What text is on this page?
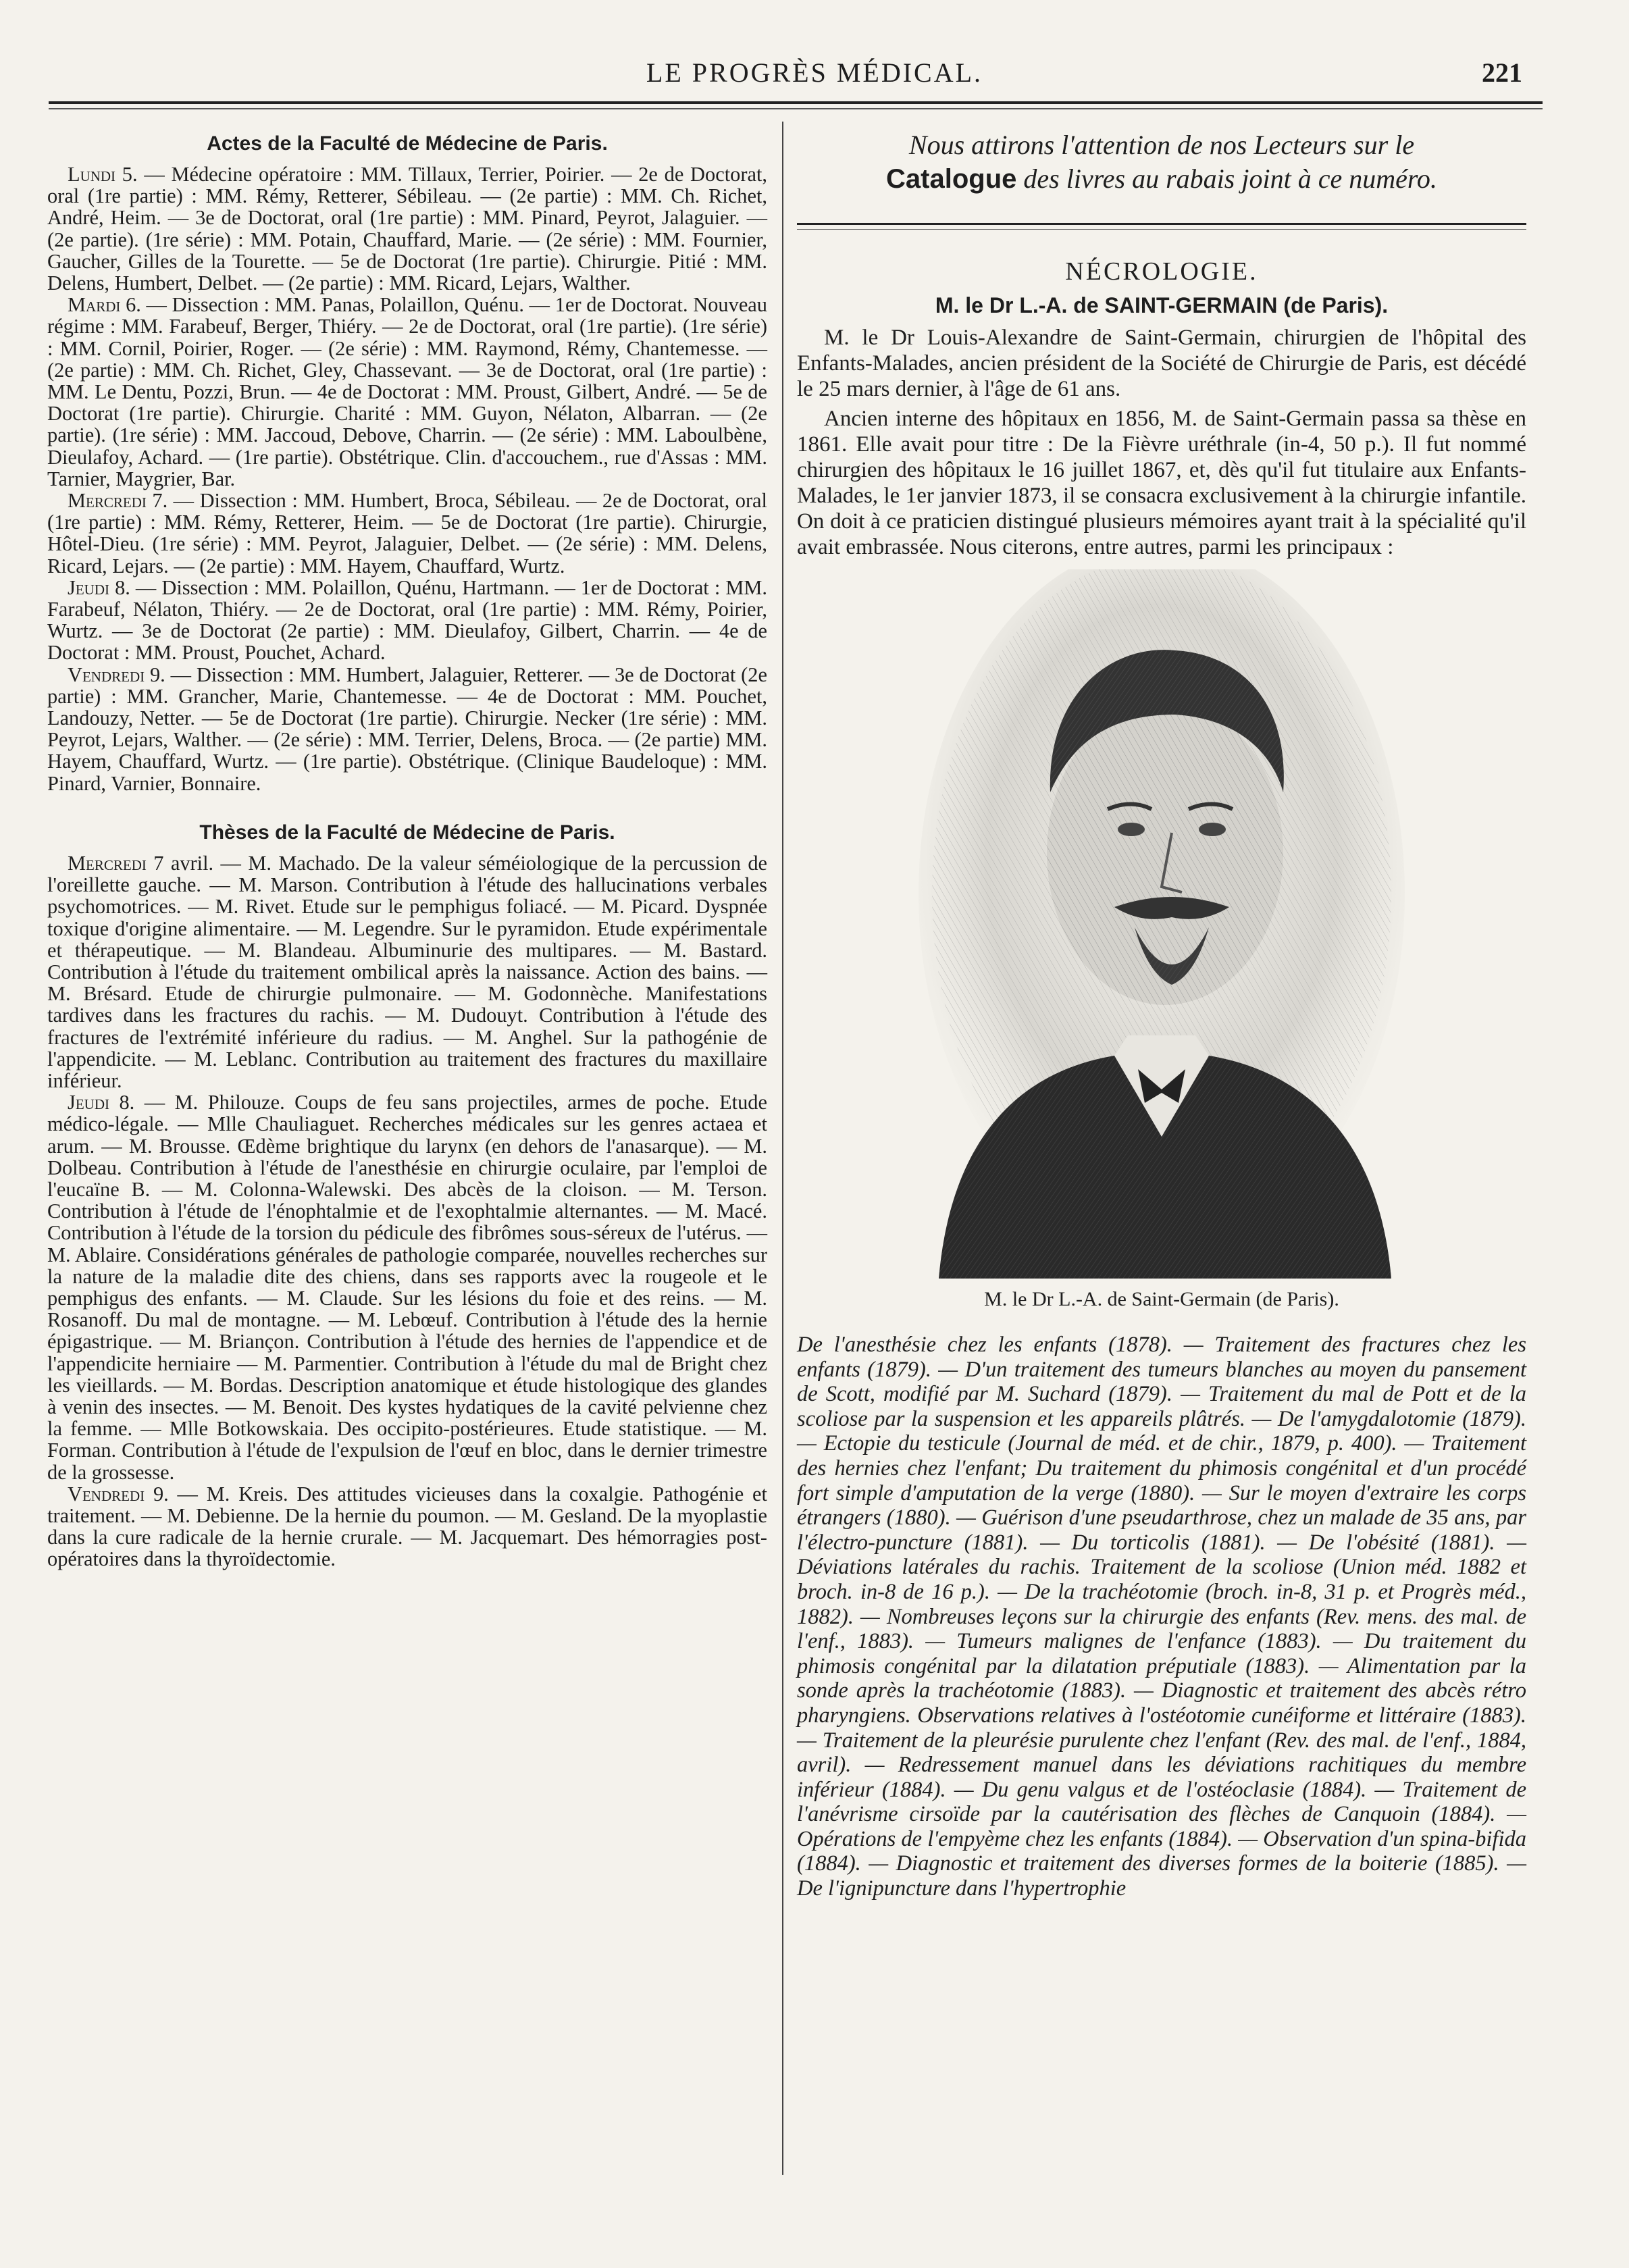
LE PROGRÈS MÉDICAL.	221
Actes de la Faculté de Médecine de Paris.

Lundi 5. — Médecine opératoire : MM. Tillaux, Terrier, Poirier. — 2e de Doctorat, oral (1re partie) : MM. Rémy, Retterer, Sébileau. — (2e partie) : MM. Ch. Richet, André, Heim. — 3e de Doctorat, oral (1re partie) : MM. Pinard, Peyrot, Jalaguier. — (2e partie). (1re série) : MM. Potain, Chauffard, Marie. — (2e série) : MM. Fournier, Gaucher, Gilles de la Tourette. — 5e de Doctorat (1re partie). Chirurgie. Pitié : MM. Delens, Humbert, Delbet. — (2e partie) : MM. Ricard, Lejars, Walther.

Mardi 6. — Dissection : MM. Panas, Polaillon, Quénu. — 1er de Doctorat. Nouveau régime : MM. Farabeuf, Berger, Thiéry. — 2e de Doctorat, oral (1re partie). (1re série) : MM. Cornil, Poirier, Roger. — (2e série) : MM. Raymond, Rémy, Chantemesse. — (2e partie) : MM. Ch. Richet, Gley, Chassevant. — 3e de Doctorat, oral (1re partie) : MM. Le Dentu, Pozzi, Brun. — 4e de Doctorat : MM. Proust, Gilbert, André. — 5e de Doctorat (1re partie). Chirurgie. Charité : MM. Guyon, Nélaton, Albarran. — (2e partie). (1re série) : MM. Jaccoud, Debove, Charrin. — (2e série) : MM. Laboulbène, Dieulafoy, Achard. — (1re partie). Obstétrique. Clin. d'accouchem., rue d'Assas : MM. Tarnier, Maygrier, Bar.

Mercredi 7. — Dissection : MM. Humbert, Broca, Sébileau. — 2e de Doctorat, oral (1re partie) : MM. Rémy, Retterer, Heim. — 5e de Doctorat (1re partie). Chirurgie, Hôtel-Dieu. (1re série) : MM. Peyrot, Jalaguier, Delbet. — (2e série) : MM. Delens, Ricard, Lejars. — (2e partie) : MM. Hayem, Chauffard, Wurtz.

Jeudi 8. — Dissection : MM. Polaillon, Quénu, Hartmann. — 1er de Doctorat : MM. Farabeuf, Nélaton, Thiéry. — 2e de Doctorat, oral (1re partie) : MM. Rémy, Poirier, Wurtz. — 3e de Doctorat (2e partie) : MM. Dieulafoy, Gilbert, Charrin. — 4e de Doctorat : MM. Proust, Pouchet, Achard.

Vendredi 9. — Dissection : MM. Humbert, Jalaguier, Retterer. — 3e de Doctorat (2e partie) : MM. Grancher, Marie, Chantemesse. — 4e de Doctorat : MM. Pouchet, Landouzy, Netter. — 5e de Doctorat (1re partie). Chirurgie. Necker (1re série) : MM. Peyrot, Lejars, Walther. — (2e série) : MM. Terrier, Delens, Broca. — (2e partie) MM. Hayem, Chauffard, Wurtz. — (1re partie). Obstétrique. (Clinique Baudeloque) : MM. Pinard, Varnier, Bonnaire.

Thèses de la Faculté de Médecine de Paris.

Mercredi 7 avril. — M. Machado. De la valeur séméiologique de la percussion de l'oreillette gauche. — M. Marson. Contribution à l'étude des hallucinations verbales psychomotrices. — M. Rivet. Etude sur le pemphigus foliacé. — M. Picard. Dyspnée toxique d'origine alimentaire. — M. Legendre. Sur le pyramidon. Etude expérimentale et thérapeutique. — M. Blandeau. Albuminurie des multipares. — M. Bastard. Contribution à l'étude du traitement ombilical après la naissance. Action des bains. — M. Brésard. Etude de chirurgie pulmonaire. — M. Godonnèche. Manifestations tardives dans les fractures du rachis. — M. Dudouyt. Contribution à l'étude des fractures de l'extrémité inférieure du radius. — M. Anghel. Sur la pathogénie de l'appendicite. — M. Leblanc. Contribution au traitement des fractures du maxillaire inférieur.

Jeudi 8. — M. Philouze. Coups de feu sans projectiles, armes de poche. Etude médico-légale. — Mlle Chauliaguet. Recherches médicales sur les genres actaea et arum. — M. Brousse. Œdème brightique du larynx (en dehors de l'anasarque). — M. Dolbeau. Contribution à l'étude de l'anesthésie en chirurgie oculaire, par l'emploi de l'eucaïne B. — M. Colonna-Walewski. Des abcès de la cloison. — M. Terson. Contribution à l'étude de l'énophtalmie et de l'exophtalmie alternantes. — M. Macé. Contribution à l'étude de la torsion du pédicule des fibrômes sous-séreux de l'utérus. — M. Ablaire. Considérations générales de pathologie comparée, nouvelles recherches sur la nature de la maladie dite des chiens, dans ses rapports avec la rougeole et le pemphigus des enfants. — M. Claude. Sur les lésions du foie et des reins. — M. Rosanoff. Du mal de montagne. — M. Lebœuf. Contribution à l'étude des la hernie épigastrique. — M. Briançon. Contribution à l'étude des hernies de l'appendice et de l'appendicite herniaire — M. Parmentier. Contribution à l'étude du mal de Bright chez les vieillards. — M. Bordas. Description anatomique et étude histologique des glandes à venin des insectes. — M. Benoit. Des kystes hydatiques de la cavité pelvienne chez la femme. — Mlle Botkowskaia. Des occipito-postérieures. Etude statistique. — M. Forman. Contribution à l'étude de l'expulsion de l'œuf en bloc, dans le dernier trimestre de la grossesse.

Vendredi 9. — M. Kreis. Des attitudes vicieuses dans la coxalgie. Pathogénie et traitement. — M. Debienne. De la hernie du poumon. — M. Gesland. De la myoplastie dans la cure radicale de la hernie crurale. — M. Jacquemart. Des hémorragies post-opératoires dans la thyroïdectomie.

Nous attirons l'attention de nos Lecteurs sur le
Catalogue des livres au rabais joint à ce numéro.

NÉCROLOGIE.
M. le Dr L.-A. de SAINT-GERMAIN (de Paris).

M. le Dr Louis-Alexandre de Saint-Germain, chirurgien de l'hôpital des Enfants-Malades, ancien président de la Société de Chirurgie de Paris, est décédé le 25 mars dernier, à l'âge de 61 ans.

Ancien interne des hôpitaux en 1856, M. de Saint-Germain passa sa thèse en 1861. Elle avait pour titre : De la Fièvre uréthrale (in-4, 50 p.). Il fut nommé chirurgien des hôpitaux le 16 juillet 1867, et, dès qu'il fut titulaire aux Enfants-Malades, le 1er janvier 1873, il se consacra exclusivement à la chirurgie infantile. On doit à ce praticien distingué plusieurs mémoires ayant trait à la spécialité qu'il avait embrassée. Nous citerons, entre autres, parmi les principaux :

M. le Dr L.-A. de Saint-Germain (de Paris).

De l'anesthésie chez les enfants (1878). — Traitement des fractures chez les enfants (1879). — D'un traitement des tumeurs blanches au moyen du pansement de Scott, modifié par M. Suchard (1879). — Traitement du mal de Pott et de la scoliose par la suspension et les appareils plâtrés. — De l'amygdalotomie (1879). — Ectopie du testicule (Journal de méd. et de chir., 1879, p. 400). — Traitement des hernies chez l'enfant; Du traitement du phimosis congénital et d'un procédé fort simple d'amputation de la verge (1880). — Sur le moyen d'extraire les corps étrangers (1880). — Guérison d'une pseudarthrose, chez un malade de 35 ans, par l'électro-puncture (1881). — Du torticolis (1881). — De l'obésité (1881). — Déviations latérales du rachis. Traitement de la scoliose (Union méd. 1882 et broch. in-8 de 16 p.). — De la trachéotomie (broch. in-8, 31 p. et Progrès méd., 1882). — Nombreuses leçons sur la chirurgie des enfants (Rev. mens. des mal. de l'enf., 1883). — Tumeurs malignes de l'enfance (1883). — Du traitement du phimosis congénital par la dilatation préputiale (1883). — Alimentation par la sonde après la trachéotomie (1883). — Diagnostic et traitement des abcès rétro pharyngiens. Observations relatives à l'ostéotomie cunéiforme et littéraire (1883). — Traitement de la pleurésie purulente chez l'enfant (Rev. des mal. de l'enf., 1884, avril). — Redressement manuel dans les déviations rachitiques du membre inférieur (1884). — Du genu valgus et de l'ostéoclasie (1884). — Traitement de l'anévrisme cirsoïde par la cautérisation des flèches de Canquoin (1884). — Opérations de l'empyème chez les enfants (1884). — Observation d'un spina-bifida (1884). — Diagnostic et traitement des diverses formes de la boiterie (1885). — De l'ignipuncture dans l'hypertrophie
